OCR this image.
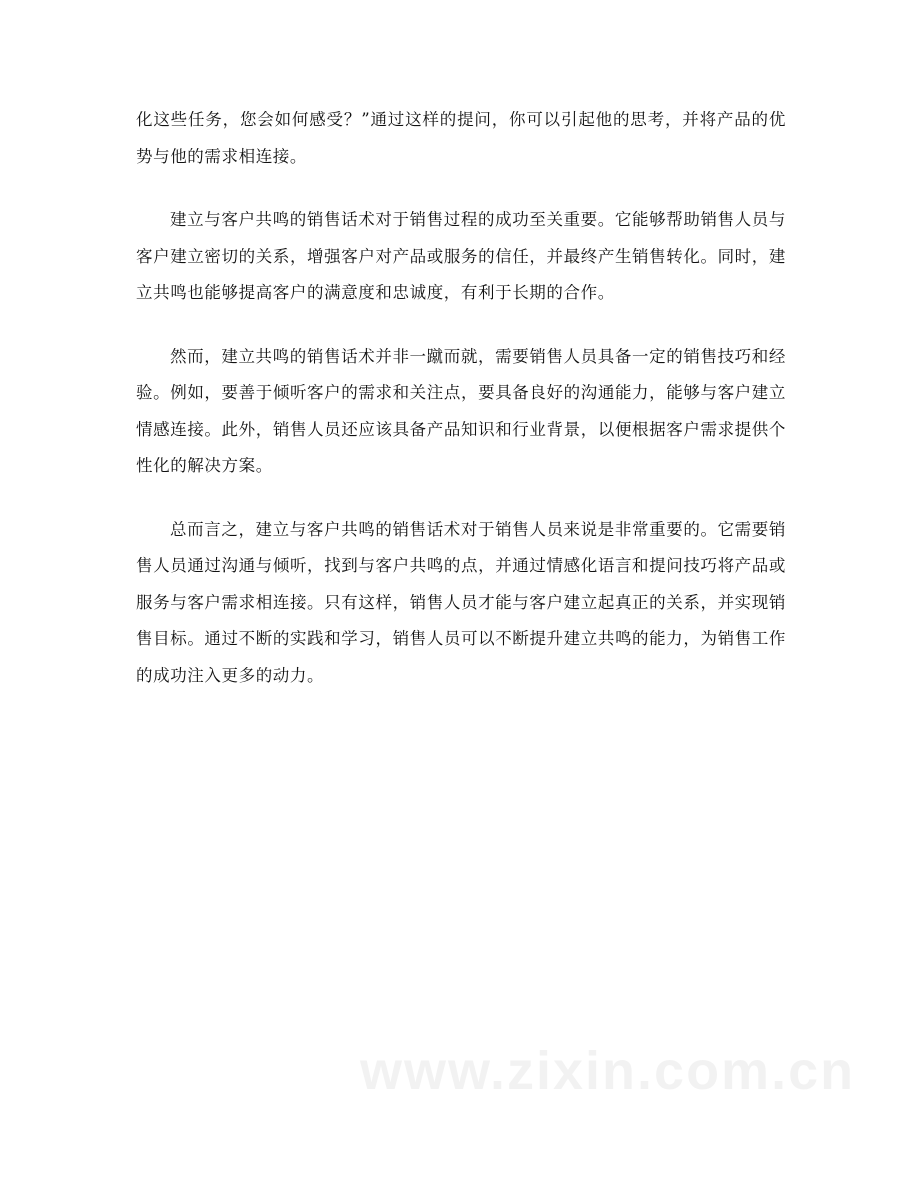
化这些任务，您会如何感受？”通过这样的提问，你可以引起他的思考，并将产品的优势与他的需求相连接。

建立与客户共鸣的销售话术对于销售过程的成功至关重要。它能够帮助销售人员与客户建立密切的关系，增强客户对产品或服务的信任，并最终产生销售转化。同时，建立共鸣也能够提高客户的满意度和忠诚度，有利于长期的合作。

然而，建立共鸣的销售话术并非一蹴而就，需要销售人员具备一定的销售技巧和经验。例如，要善于倾听客户的需求和关注点，要具备良好的沟通能力，能够与客户建立情感连接。此外，销售人员还应该具备产品知识和行业背景，以便根据客户需求提供个性化的解决方案。

总而言之，建立与客户共鸣的销售话术对于销售人员来说是非常重要的。它需要销售人员通过沟通与倾听，找到与客户共鸣的点，并通过情感化语言和提问技巧将产品或服务与客户需求相连接。只有这样，销售人员才能与客户建立起真正的关系，并实现销售目标。通过不断的实践和学习，销售人员可以不断提升建立共鸣的能力，为销售工作的成功注入更多的动力。

www.zixin.com.cn
